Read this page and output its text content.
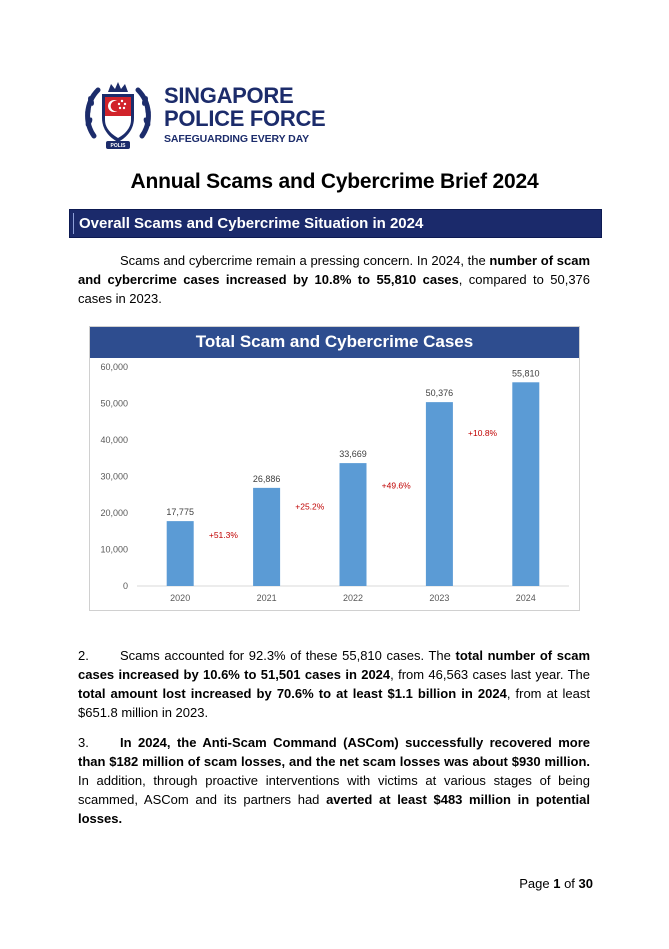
POLIS
SINGAPORE
POLICE FORCE
SAFEGUARDING EVERY DAY
Annual Scams and Cybercrime Brief 2024
Overall Scams and Cybercrime Situation in 2024
Scams and cybercrime remain a pressing concern. In 2024, the number of scam and cybercrime cases increased by 10.8% to 55,810 cases, compared to 50,376 cases in 2023.
Total Scam and Cybercrime Cases
0
10,000
20,000
30,000
40,000
50,000
60,000
17,775
2020
26,886
2021
33,669
2022
50,376
2023
55,810
2024
+51.3%
+25.2%
+49.6%
+10.8%
2. Scams accounted for 92.3% of these 55,810 cases. The total number of scam cases increased by 10.6% to 51,501 cases in 2024, from 46,563 cases last year. The total amount lost increased by 70.6% to at least $1.1 billion in 2024, from at least $651.8 million in 2023.
3. In 2024, the Anti-Scam Command (ASCom) successfully recovered more than $182 million of scam losses, and the net scam losses was about $930 million. In addition, through proactive interventions with victims at various stages of being scammed, ASCom and its partners had averted at least $483 million in potential losses.
Page 1 of 30
